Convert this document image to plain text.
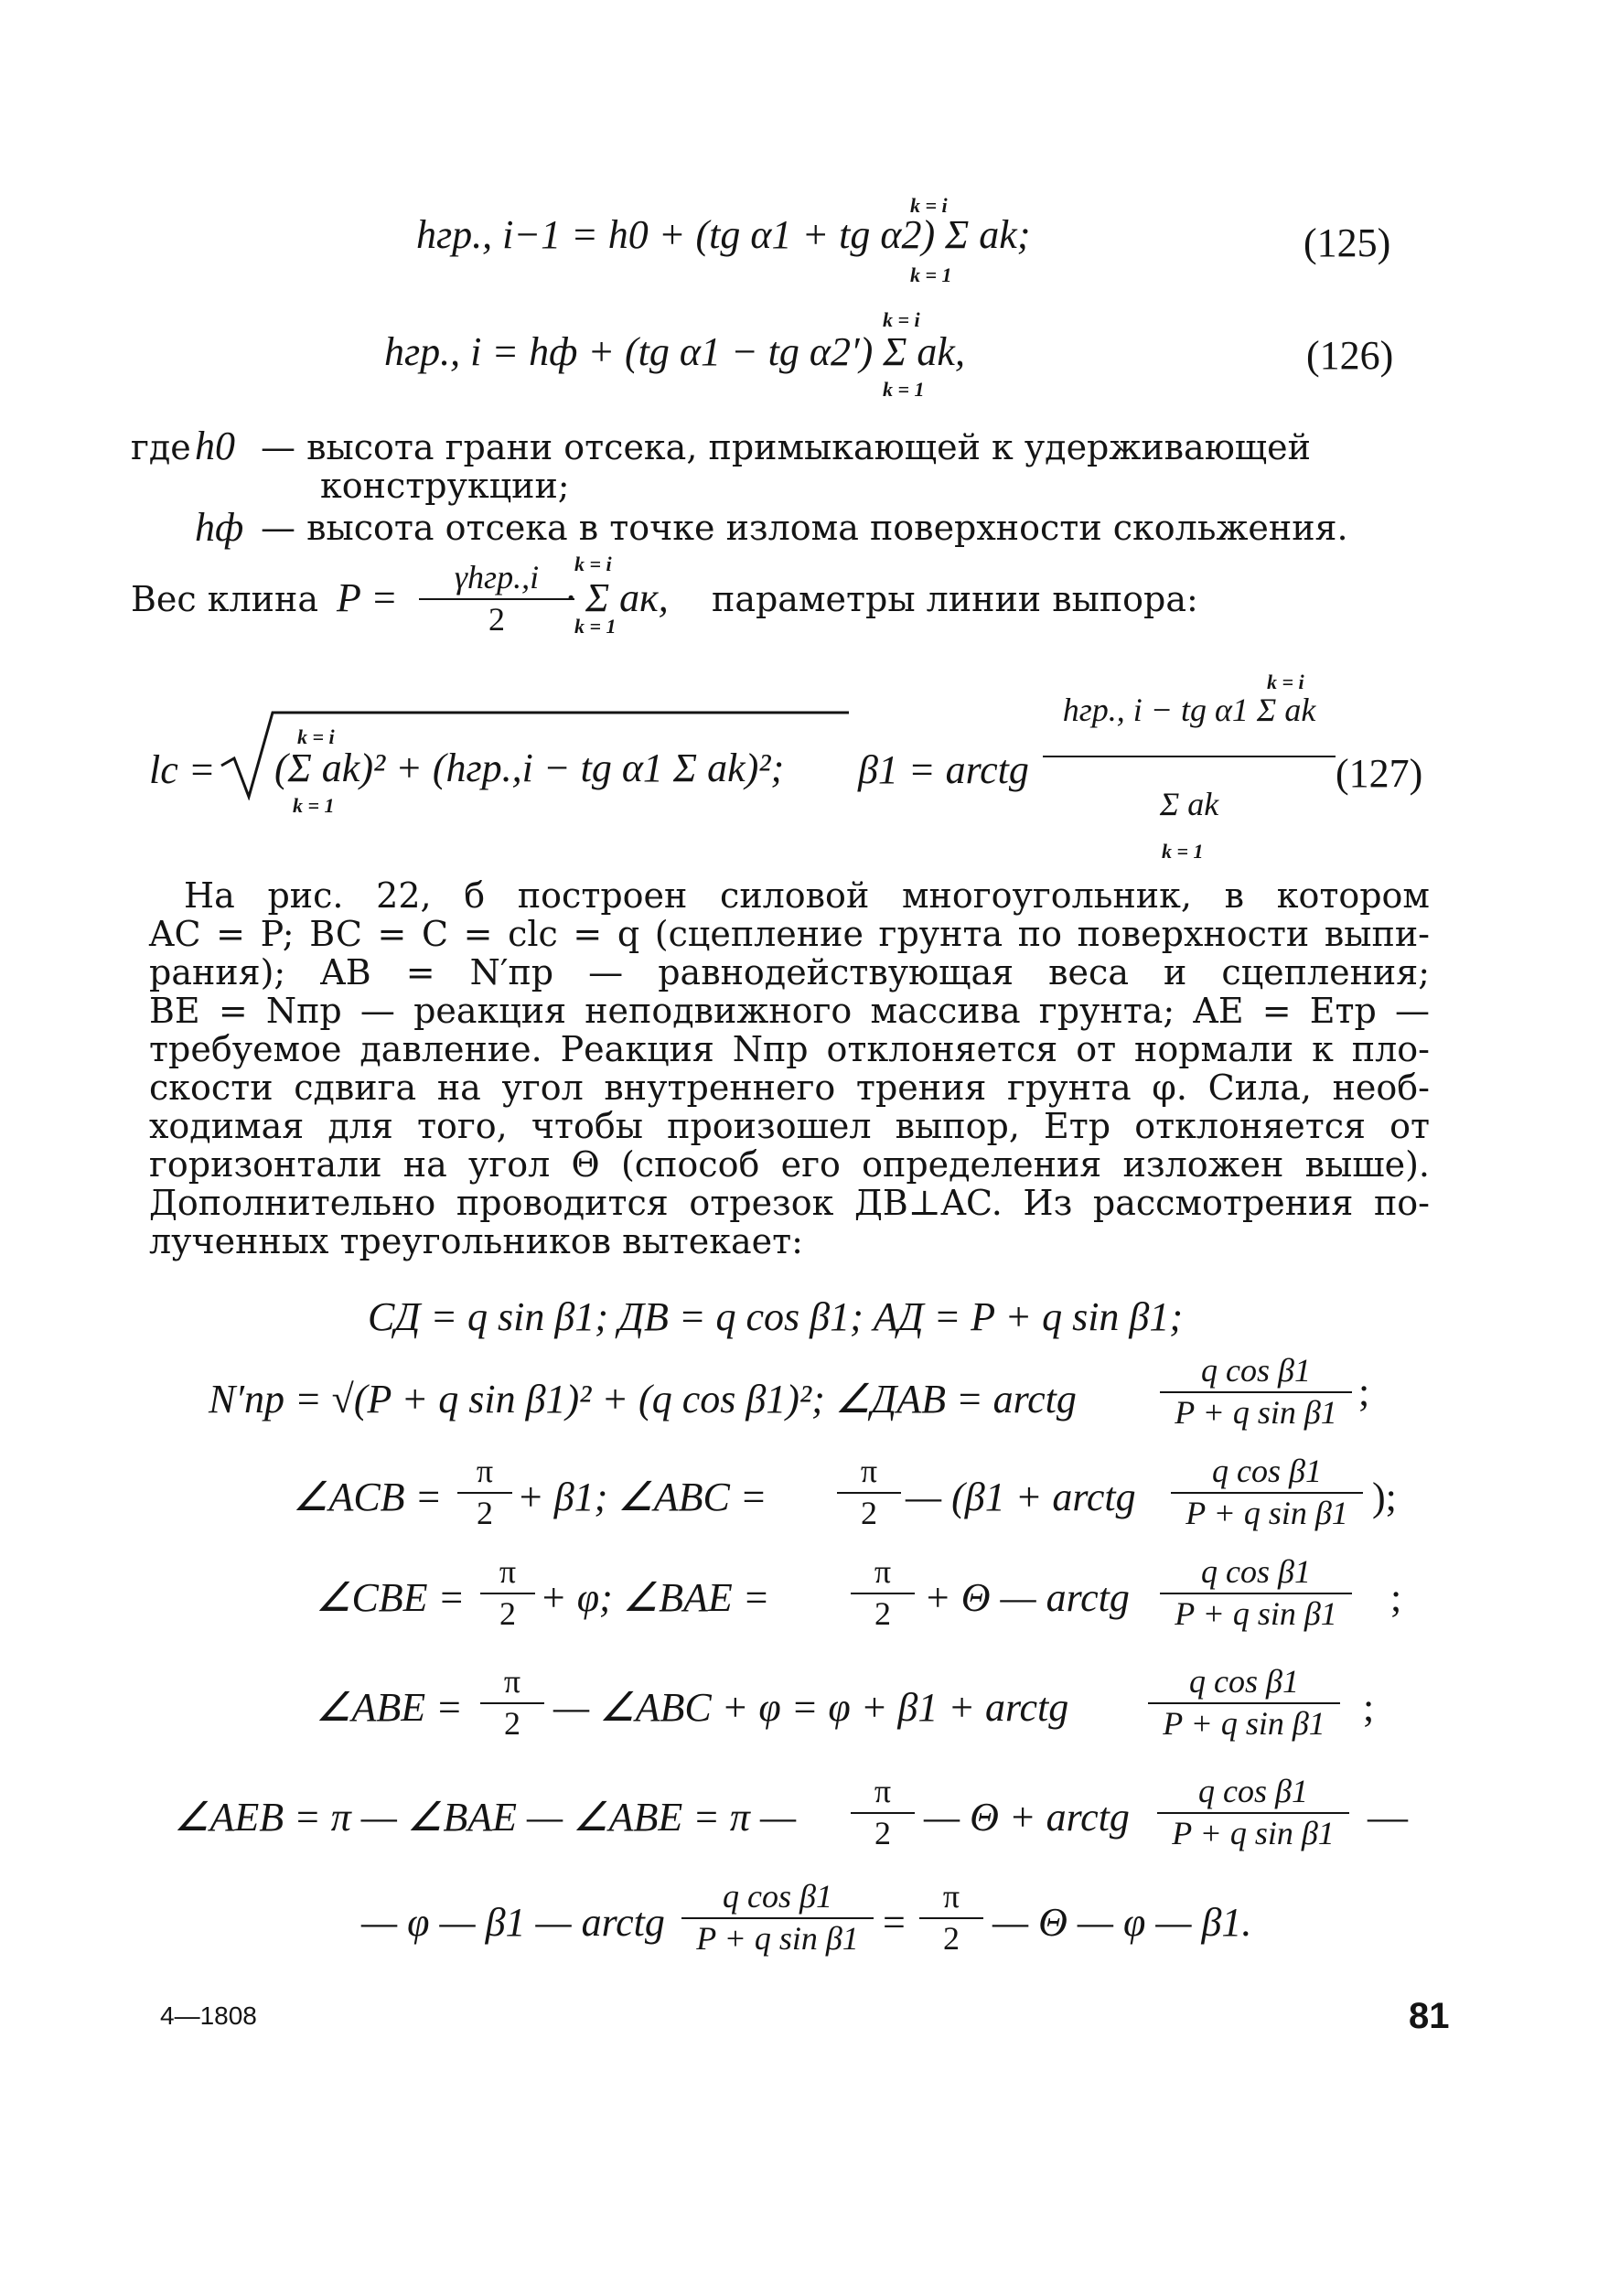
k = i
hгр., i−1 = h0 + (tg α1 + tg α2) Σ ak;
k = 1
(125)
k = i
hгр., i = hф + (tg α1 − tg α2′) Σ ak,
k = 1
(126)
где h0 — высота грани отсека, примыкающей к удерживающей
конструкции;
hф — высота отсека в точке излома поверхности скольжения.
Вес клина P = γhгр.,i
2
k = i
· Σ aк,
k = 1
параметры линии выпора:
lc =
k = i
(Σ ak)² + (hгр.,i − tg α1 Σ ak)²;
k = 1
β1 = arctg
k = i
hгр., i − tg α1 Σ ak
Σ ak
k = 1
(127)
На рис. 22, б построен силовой многоугольник, в котором
AC = P; BC = C = clc = q (сцепление грунта по поверхности выпи-
рания); AB = N′пр — равнодействующая веса и сцепления;
BE = Nпр — реакция неподвижного массива грунта; AE = Eтр —
требуемое давление. Реакция Nпр отклоняется от нормали к пло-
скости сдвига на угол внутреннего трения грунта φ. Сила, необ-
ходимая для того, чтобы произошел выпор, Eтр отклоняется от
горизонтали на угол Θ (способ его определения изложен выше).
Дополнительно проводится отрезок ДВ⊥AC. Из рассмотрения по-
лученных треугольников вытекает:
CД = q sin β1; ДB = q cos β1; AД = P + q sin β1;
N′пр = √(P + q sin β1)² + (q cos β1)²; ∠ДAB = arctg
q cos β1
P + q sin β1 ;
∠ACB =
π
2 + β1; ∠ABC =
π
2 — (β1 + arctg
q cos β1
P + q sin β1 );
∠CBE =
π
2 + φ; ∠BAE =
π
2 + Θ — arctg
q cos β1
P + q sin β1 ;
∠ABE =
π
2 — ∠ABC + φ = φ + β1 + arctg
q cos β1
P + q sin β1 ;
∠AEB = π — ∠BAE — ∠ABE = π —
π
2 — Θ + arctg
q cos β1
P + q sin β1 —
— φ — β1 — arctg
q cos β1
P + q sin β1 =
π
2 — Θ — φ — β1.
4—1808	81
